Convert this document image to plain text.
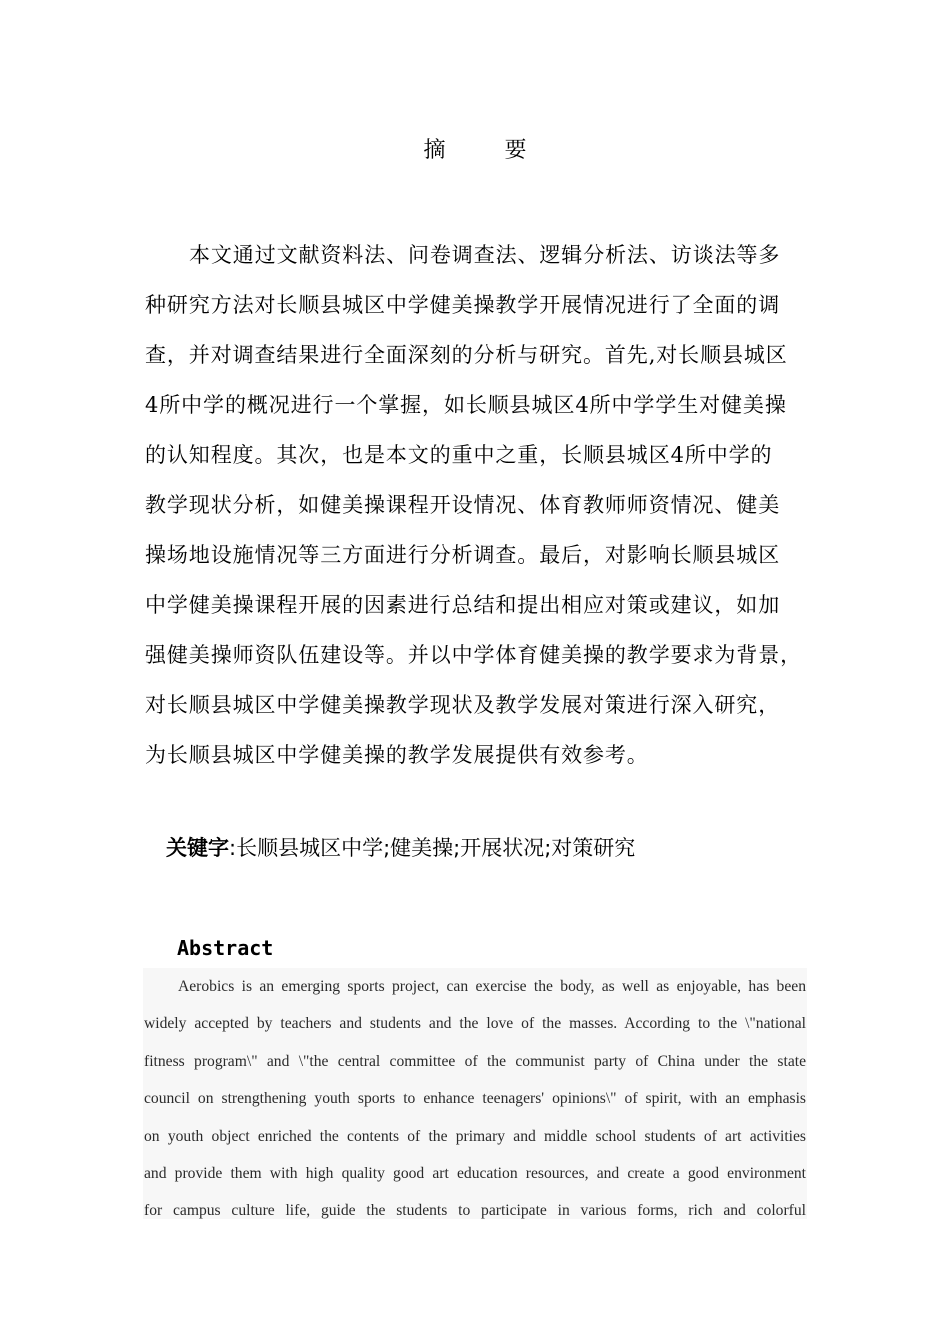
摘 要
本文通过文献资料法、问卷调查法、逻辑分析法、访谈法等多
种研究方法对长顺县城区中学健美操教学开展情况进行了全面的调
查，并对调查结果进行全面深刻的分析与研究。首先,对长顺县城区
4所中学的概况进行一个掌握，如长顺县城区4所中学学生对健美操
的认知程度。其次，也是本文的重中之重，长顺县城区4所中学的
教学现状分析，如健美操课程开设情况、体育教师师资情况、健美
操场地设施情况等三方面进行分析调查。最后，对影响长顺县城区
中学健美操课程开展的因素进行总结和提出相应对策或建议，如加
强健美操师资队伍建设等。并以中学体育健美操的教学要求为背景，
对长顺县城区中学健美操教学现状及教学发展对策进行深入研究，
为长顺县城区中学健美操的教学发展提供有效参考。
关键字:长顺县城区中学;健美操;开展状况;对策研究
Abstract
Aerobics is an emerging sports project, can exercise the body, as well as enjoyable, has been
widely accepted by teachers and students and the love of the masses. According to the \"national
fitness program\" and \"the central committee of the communist party of China under the state
council on strengthening youth sports to enhance teenagers' opinions\" of spirit, with an emphasis
on youth object enriched the contents of the primary and middle school students of art activities
and provide them with high quality good art education resources, and create a good environment
for campus culture life, guide the students to participate in various forms, rich and colorful
